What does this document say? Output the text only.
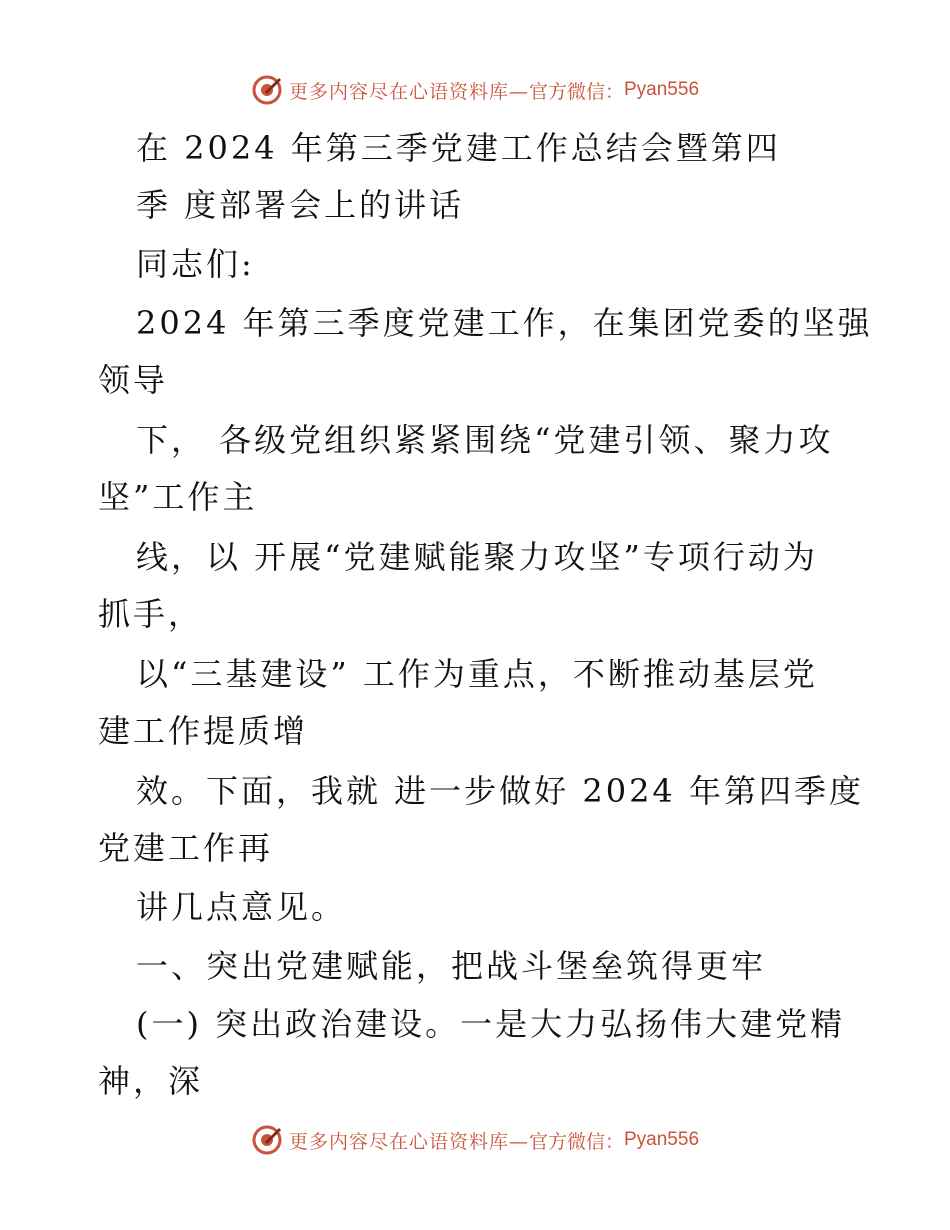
更多内容尽在心语资料库— 官方微信： Pyan556
在 2024 年第三季党建工作总结会暨第四
季 度部署会上的讲话
同志们:
2024 年第三季度党建工作，在集团党委的坚强
领导
下， 各级党组织紧紧围绕“党建引领、聚力攻
坚”工作主
线，以 开展“党建赋能聚力攻坚”专项行动为
抓手，
以“三基建设” 工作为重点，不断推动基层党
建工作提质增
效。下面，我就 进一步做好 2024 年第四季度
党建工作再
讲几点意见。
一、突出党建赋能，把战斗堡垒筑得更牢
(一) 突出政治建设。一是大力弘扬伟大建党精
神，深
更多内容尽在心语资料库— 官方微信： Pyan556
